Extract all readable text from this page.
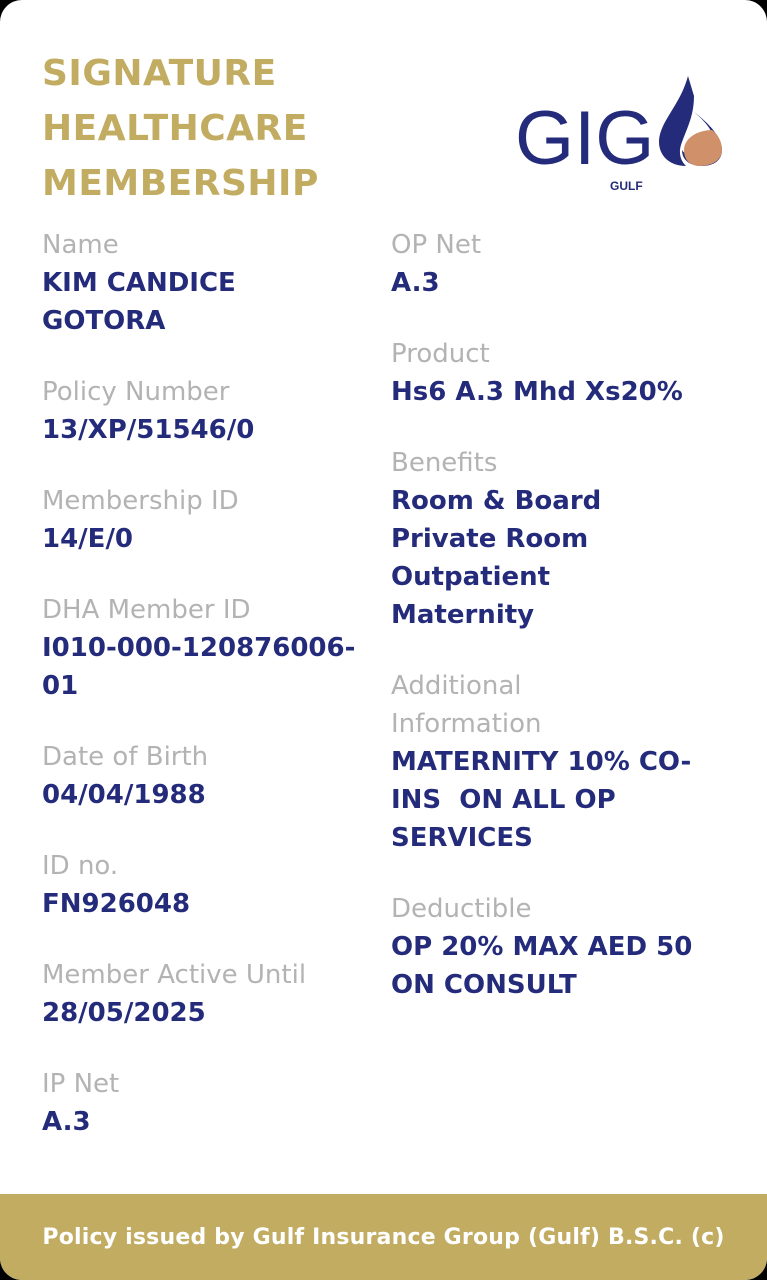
SIGNATURE
HEALTHCARE
MEMBERSHIP
GIG
GULF
Name
KIM CANDICE
GOTORA
Policy Number
13/XP/51546/0
Membership ID
14/E/0
DHA Member ID
I010-000-120876006-
01
Date of Birth
04/04/1988
ID no.
FN926048
Member Active Until
28/05/2025
IP Net
A.3
OP Net
A.3
Product
Hs6 A.3 Mhd Xs20%
Benefits
Room & Board
Private Room
Outpatient
Maternity
Additional
Information
MATERNITY 10% CO-
INS  ON ALL OP
SERVICES
Deductible
OP 20% MAX AED 50
ON CONSULT
Policy issued by Gulf Insurance Group (Gulf) B.S.C. (c)
